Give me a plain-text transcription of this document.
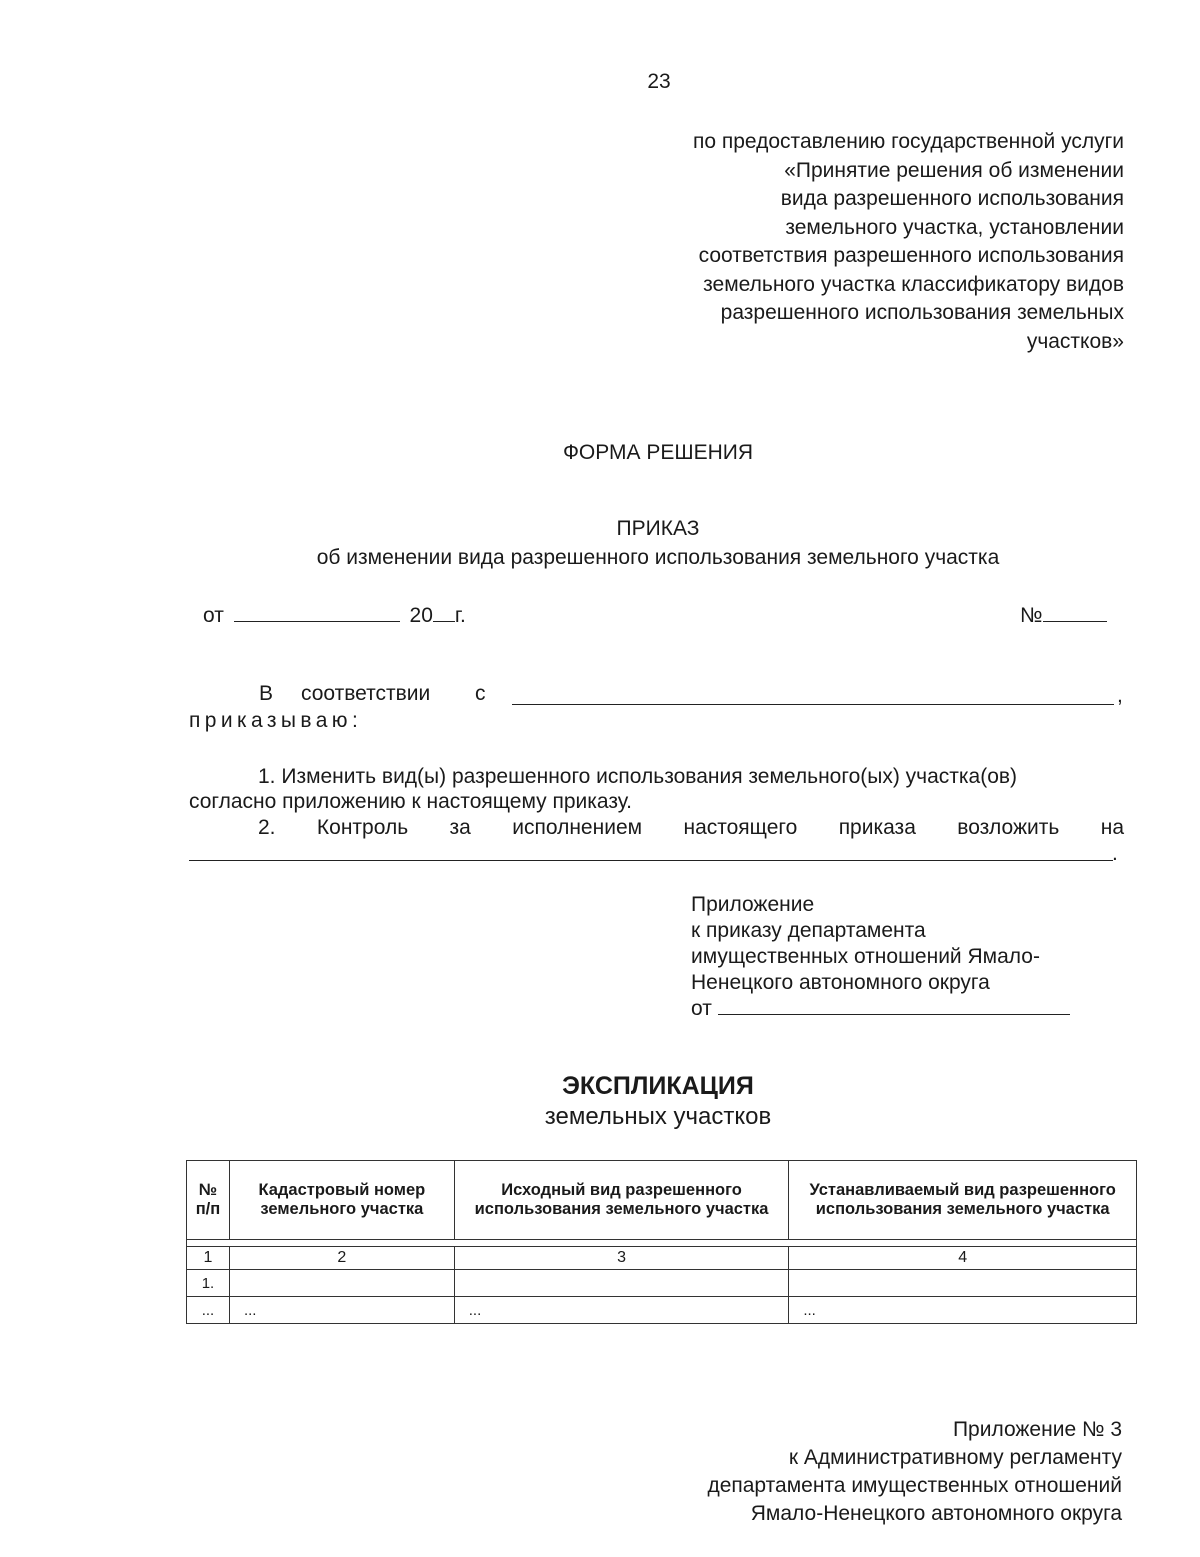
23
по предоставлению государственной услуги
«Принятие решения об изменении
вида разрешенного использования
земельного участка, установлении
соответствия разрешенного использования
земельного участка классификатору видов
разрешенного использования земельных
участков»
ФОРМА РЕШЕНИЯ
ПРИКАЗ
об изменении вида разрешенного использования земельного участка
от	20 г.	№
В соответствии с	,
приказываю:
1. Изменить вид(ы) разрешенного использования земельного(ых) участка(ов)
согласно приложению к настоящему приказу.
2. Контроль за исполнением настоящего приказа возложить на
.
Приложение
к приказу департамента
имущественных отношений Ямало-
Ненецкого автономного округа
от
ЭКСПЛИКАЦИЯ
земельных участков
№ п/п	Кадастровый номер земельного участка	Исходный вид разрешенного использования земельного участка	Устанавливаемый вид разрешенного использования земельного участка

1	2	3	4
1.			
...	...	...	...
Приложение № 3
к Административному регламенту
департамента имущественных отношений
Ямало-Ненецкого автономного округа
